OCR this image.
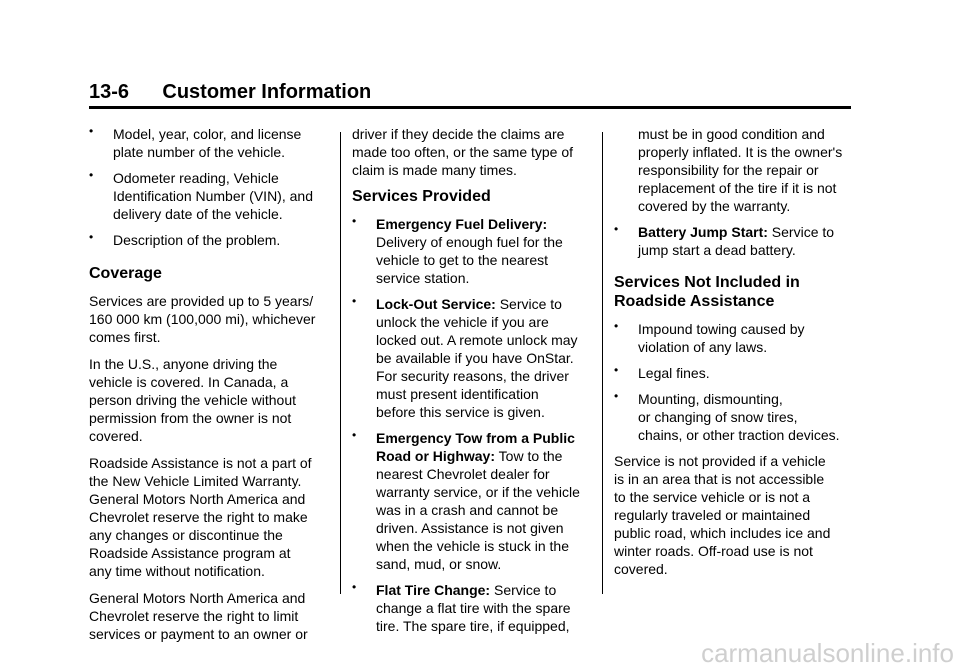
13-6 Customer Information
• Model, year, color, and license
plate number of the vehicle.
• Odometer reading, Vehicle
Identification Number (VIN), and
delivery date of the vehicle.
• Description of the problem.
Coverage

Services are provided up to 5 years/
160 000 km (100,000 mi), whichever
comes first.

In the U.S., anyone driving the
vehicle is covered. In Canada, a
person driving the vehicle without
permission from the owner is not
covered.

Roadside Assistance is not a part of
the New Vehicle Limited Warranty.
General Motors North America and
Chevrolet reserve the right to make
any changes or discontinue the
Roadside Assistance program at
any time without notification.

General Motors North America and
Chevrolet reserve the right to limit
services or payment to an owner or

driver if they decide the claims are
made too often, or the same type of
claim is made many times.

Services Provided
• Emergency Fuel Delivery:
Delivery of enough fuel for the
vehicle to get to the nearest
service station.
• Lock-Out Service: Service to
unlock the vehicle if you are
locked out. A remote unlock may
be available if you have OnStar.
For security reasons, the driver
must present identification
before this service is given.
• Emergency Tow from a Public
Road or Highway: Tow to the
nearest Chevrolet dealer for
warranty service, or if the vehicle
was in a crash and cannot be
driven. Assistance is not given
when the vehicle is stuck in the
sand, mud, or snow.
• Flat Tire Change: Service to
change a flat tire with the spare
tire. The spare tire, if equipped,
must be in good condition and
properly inflated. It is the owner's
responsibility for the repair or
replacement of the tire if it is not
covered by the warranty.
• Battery Jump Start: Service to
jump start a dead battery.
Services Not Included in
Roadside Assistance
• Impound towing caused by
violation of any laws.
• Legal fines.
• Mounting, dismounting,
or changing of snow tires,
chains, or other traction devices.

Service is not provided if a vehicle
is in an area that is not accessible
to the service vehicle or is not a
regularly traveled or maintained
public road, which includes ice and
winter roads. Off-road use is not
covered.

carmanualsonline.info
